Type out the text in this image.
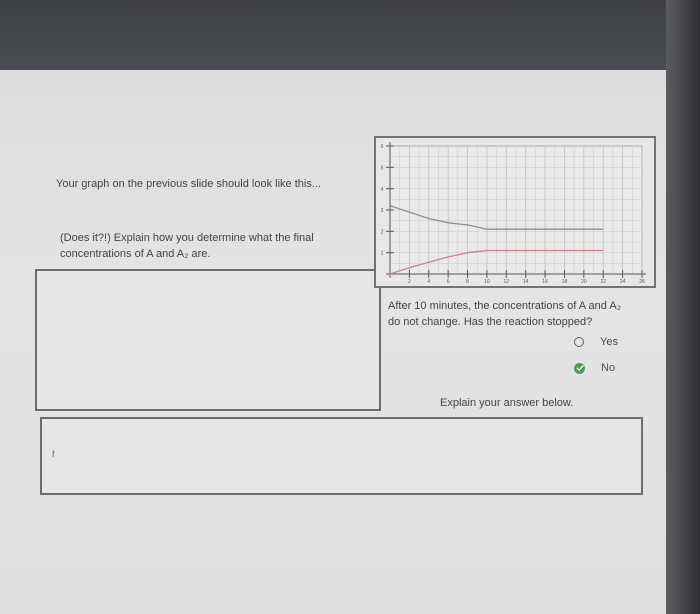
Your graph on the previous slide should look like this...
(Does it?!) Explain how you determine what the final
concentrations of A and A₂ are.	1
2
3
4
5
6
2	4	6	8	10	12	14	16	18	20	22	24	26
After 10 minutes, the concentrations of A and A₂
do not change. Has the reaction stopped?
Yes
No
Explain your answer below.
f
